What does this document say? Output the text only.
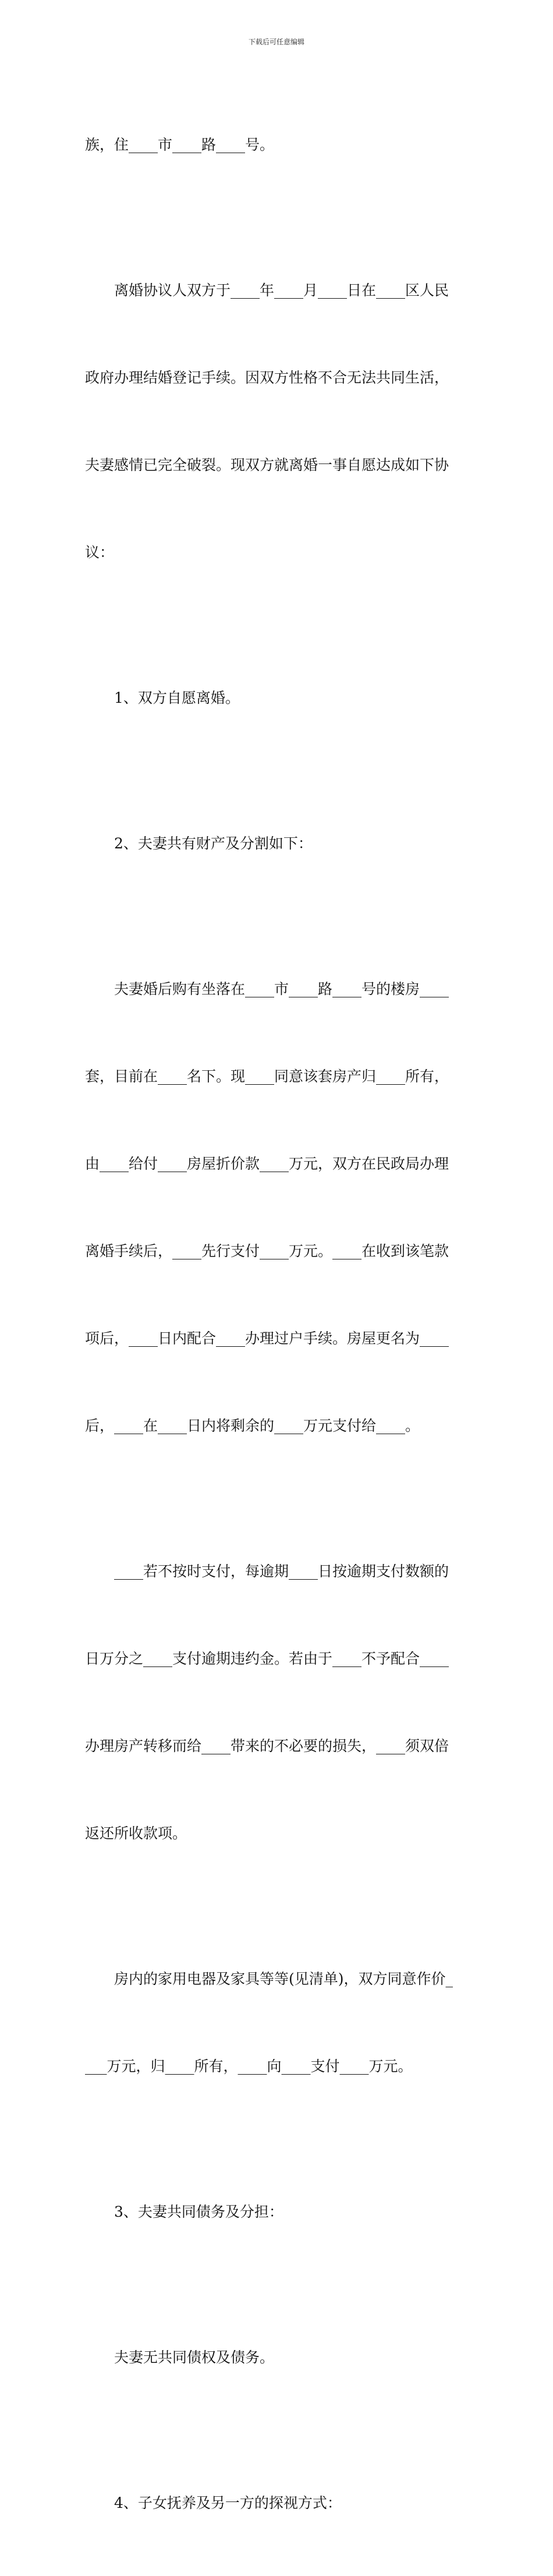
下载后可任意编辑

族，住____市____路____号。

离婚协议人双方于____年____月____日在____区人民

政府办理结婚登记手续。因双方性格不合无法共同生活，

夫妻感情已完全破裂。现双方就离婚一事自愿达成如下协

议：

1、双方自愿离婚。

2、夫妻共有财产及分割如下：

夫妻婚后购有坐落在____市____路____号的楼房____

套，目前在____名下。现____同意该套房产归____所有，

由____给付____房屋折价款____万元，双方在民政局办理

离婚手续后，____先行支付____万元。____在收到该笔款

项后，____日内配合____办理过户手续。房屋更名为____

后，____在____日内将剩余的____万元支付给____。

____若不按时支付，每逾期____日按逾期支付数额的

日万分之____支付逾期违约金。若由于____不予配合____

办理房产转移而给____带来的不必要的损失，____须双倍

返还所收款项。

房内的家用电器及家具等等(见清单)，双方同意作价_

___万元，归____所有，____向____支付____万元。

3、夫妻共同债务及分担：

夫妻无共同债权及债务。

4、子女抚养及另一方的探视方式：
